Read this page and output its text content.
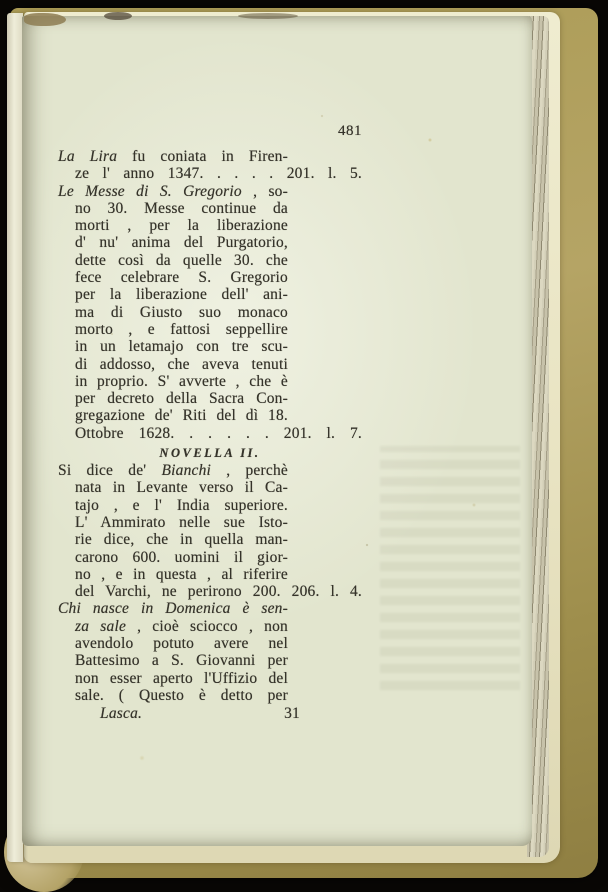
481
La Lira fu coniata in Firen-
ze l' anno 1347. . . . . 201. l. 5.
Le Messe di S. Gregorio , so-
no 30. Messe continue da
morti , per la liberazione
d' nu' anima del Purgatorio,
dette così da quelle 30. che
fece celebrare S. Gregorio
per la liberazione dell' ani-
ma di Giusto suo monaco
morto , e fattosi seppellire
in un letamajo con tre scu-
di addosso, che aveva tenuti
in proprio. S' avverte , che è
per decreto della Sacra Con-
gregazione de' Riti del dì 18.
Ottobre 1628. . . . . . 201. l. 7.
NOVELLA II.
Si dice de' Bianchi , perchè
nata in Levante verso il Ca-
tajo , e l' India superiore.
L' Ammirato nelle sue Isto-
rie dice, che in quella man-
carono 600. uomini il gior-
no , e in questa , al riferire
del Varchi, ne perirono 200. 206. l. 4.
Chi nasce in Domenica è sen-
za sale , cioè sciocco , non
avendolo potuto avere nel
Battesimo a S. Giovanni per
non esser aperto l'Uffizio del
sale. ( Questo è detto per
Lasca.	31
